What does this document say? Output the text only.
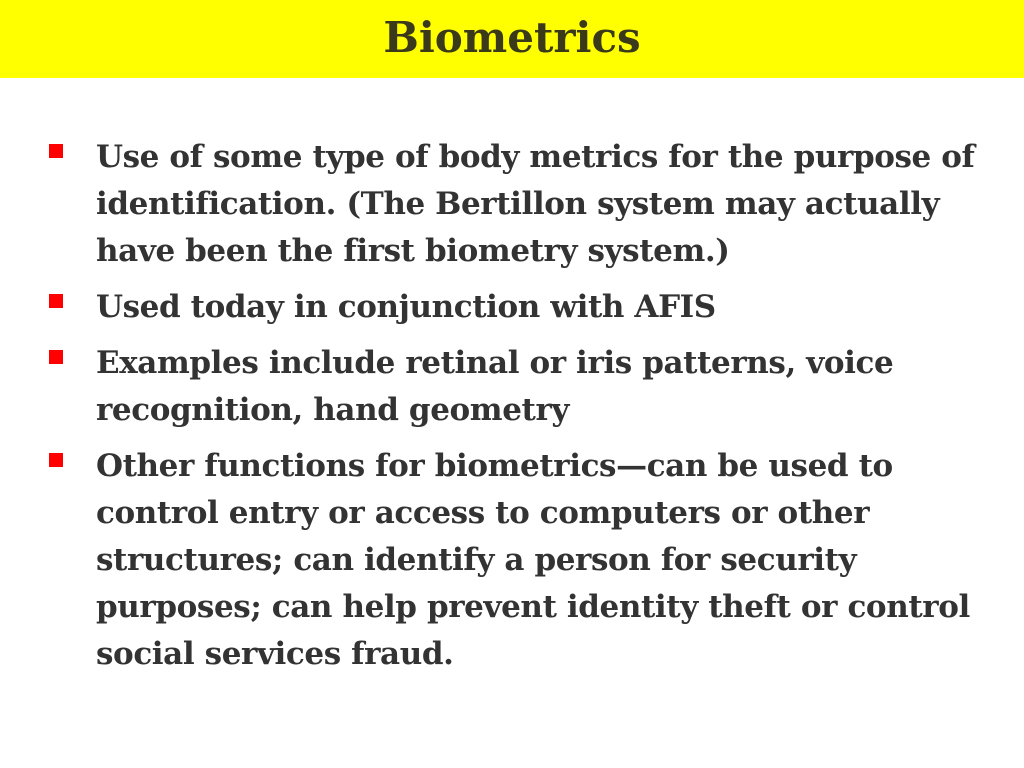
Biometrics
Use of some type of body metrics for the purpose of identification. (The Bertillon system may actually have been the first biometry system.)
Used today in conjunction with AFIS
Examples include retinal or iris patterns, voice recognition, hand geometry
Other functions for biometrics—can be used to control entry or access to computers or other structures; can identify a person for security purposes; can help prevent identity theft or control social services fraud.
